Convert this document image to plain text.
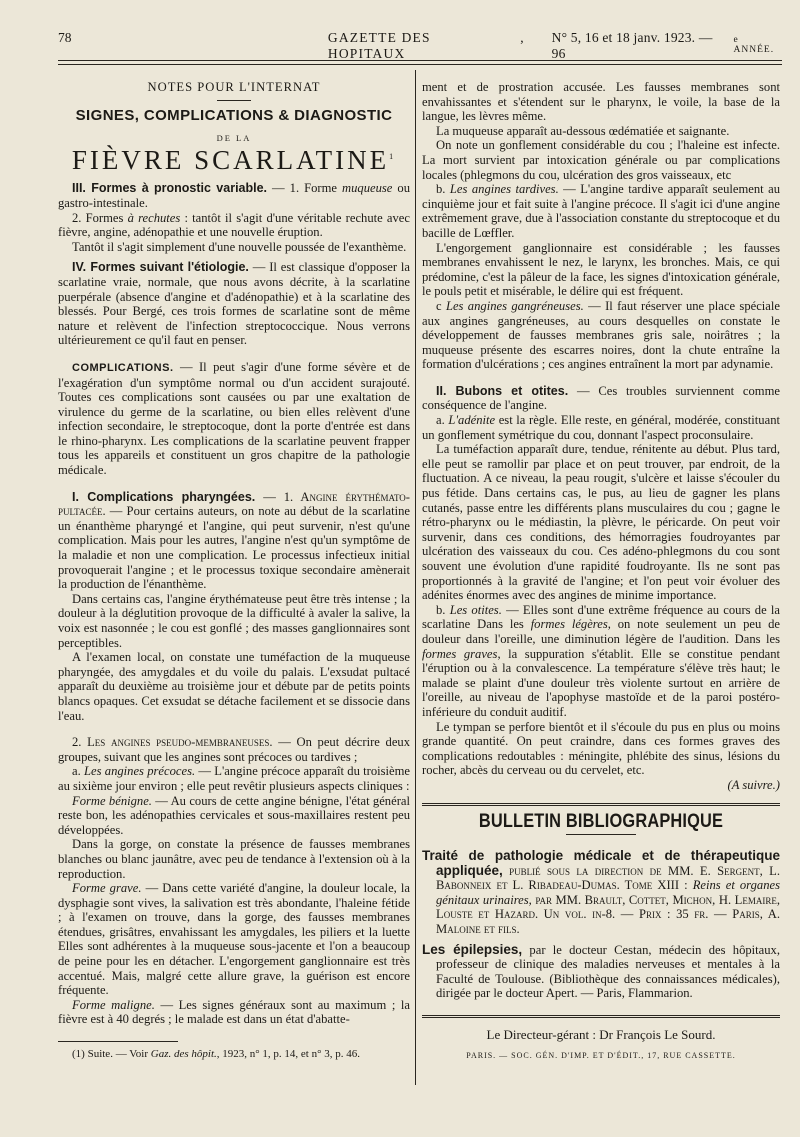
78	GAZETTE DES HOPITAUX
, N° 5, 16 et 18 janv. 1923. — 96
e ANNÉE.
NOTES POUR L'INTERNAT
SIGNES, COMPLICATIONS & DIAGNOSTIC
DE LA
FIÈVRE SCARLATINE$^1$

III. Formes à pronostic variable. — 1. Forme muqueuse ou gastro-intestinale.

2. Formes à rechutes : tantôt il s'agit d'une véritable rechute avec fièvre, angine, adénopathie et une nouvelle éruption.

Tantôt il s'agit simplement d'une nouvelle poussée de l'exanthème.

IV. Formes suivant l'étiologie. — Il est classique d'opposer la scarlatine vraie, normale, que nous avons décrite, à la scarlatine puerpérale (absence d'angine et d'adénopathie) et à la scarlatine des blessés. Pour Bergé, ces trois formes de scarlatine sont de même nature et relèvent de l'infection streptococcique. Nous verrons ultérieurement ce qu'il faut en penser.

COMPLICATIONS. — Il peut s'agir d'une forme sévère et de l'exagération d'un symptôme normal ou d'un accident surajouté. Toutes ces complications sont causées ou par une exaltation de virulence du germe de la scarlatine, ou bien elles relèvent d'une infection secondaire, le streptocoque, dont la porte d'entrée est dans le rhino-pharynx. Les complications de la scarlatine peuvent frapper tous les appareils et constituent un gros chapitre de la pathologie médicale.

I. Complications pharyngées. — 1. Angine érythémato-pultacée. — Pour certains auteurs, on note au début de la scarlatine un énanthème pharyngé et l'angine, qui peut survenir, n'est qu'une complication. Mais pour les autres, l'angine n'est qu'un symptôme de la maladie et non une complication. Le processus infectieux initial provoquerait l'angine ; et le processus toxique secondaire amènerait la production de l'énanthème.

Dans certains cas, l'angine érythémateuse peut être très intense ; la douleur à la déglutition provoque de la difficulté à avaler la salive, la voix est nasonnée ; le cou est gonflé ; des masses ganglionnaires sont perceptibles.

A l'examen local, on constate une tuméfaction de la muqueuse pharyngée, des amygdales et du voile du palais. L'exsudat pultacé apparaît du deuxième au troisième jour et débute par de petits points blancs opaques. Cet exsudat se détache facilement et se dissocie dans l'eau.

2. Les angines pseudo-membraneuses. — On peut décrire deux groupes, suivant que les angines sont précoces ou tardives ;

a. Les angines précoces. — L'angine précoce apparaît du troisième au sixième jour environ ; elle peut revêtir plusieurs aspects cliniques :

Forme bénigne. — Au cours de cette angine bénigne, l'état général reste bon, les adénopathies cervicales et sous-maxillaires restent peu développées.

Dans la gorge, on constate la présence de fausses membranes blanches ou blanc jaunâtre, avec peu de tendance à l'extension où à la reproduction.

Forme grave. — Dans cette variété d'angine, la douleur locale, la dysphagie sont vives, la salivation est très abondante, l'haleine fétide ; à l'examen on trouve, dans la gorge, des fausses membranes étendues, grisâtres, envahissant les amygdales, les piliers et la luette Elles sont adhérentes à la muqueuse sous-jacente et l'on a beaucoup de peine pour les en détacher. L'engorgement ganglionnaire est très accentué. Mais, malgré cette allure grave, la guérison est encore fréquente.

Forme maligne. — Les signes généraux sont au maximum ; la fièvre est à 40 degrés ; le malade est dans un état d'abatte-

(1) Suite. — Voir Gaz. des hôpit., 1923, n° 1, p. 14, et n° 3, p. 46.

ment et de prostration accusée. Les fausses membranes sont envahissantes et s'étendent sur le pharynx, le voile, la base de la langue, les lèvres même.

La muqueuse apparaît au-dessous œdématiée et saignante.

On note un gonflement considérable du cou ; l'haleine est infecte. La mort survient par intoxication générale ou par complications locales (phlegmons du cou, ulcération des gros vaisseaux, etc

b. Les angines tardives. — L'angine tardive apparaît seulement au cinquième jour et fait suite à l'angine précoce. Il s'agit ici d'une angine extrêmement grave, due à l'association constante du streptocoque et du bacille de Lœffler.

L'engorgement ganglionnaire est considérable ; les fausses membranes envahissent le nez, le larynx, les bronches. Mais, ce qui prédomine, c'est la pâleur de la face, les signes d'intoxication générale, le pouls petit et misérable, le délire qui est fréquent.

c Les angines gangréneuses. — Il faut réserver une place spéciale aux angines gangréneuses, au cours desquelles on constate le développement de fausses membranes gris sale, noirâtres ; la muqueuse présente des escarres noires, dont la chute entraîne la formation d'ulcérations ; ces angines entraînent la mort par adynamie.

II. Bubons et otites. — Ces troubles surviennent comme conséquence de l'angine.

a. L'adénite est la règle. Elle reste, en général, modérée, constituant un gonflement symétrique du cou, donnant l'aspect proconsulaire.

La tuméfaction apparaît dure, tendue, rénitente au début. Plus tard, elle peut se ramollir par place et on peut trouver, par endroit, de la fluctuation. A ce niveau, la peau rougit, s'ulcère et laisse s'écouler du pus fétide. Dans certains cas, le pus, au lieu de gagner les plans cutanés, passe entre les différents plans musculaires du cou ; gagne le rétro-pharynx ou le médiastin, la plèvre, le péricarde. On peut voir survenir, dans ces conditions, des hémorragies foudroyantes par ulcération des vaisseaux du cou. Ces adéno-phlegmons du cou sont souvent une évolution d'une rapidité foudroyante. Ils ne sont pas proportionnés à la gravité de l'angine; et l'on peut voir évoluer des adénites énormes avec des angines de minime importance.

b. Les otites. — Elles sont d'une extrême fréquence au cours de la scarlatine Dans les formes légères, on note seulement un peu de douleur dans l'oreille, une diminution légère de l'audition. Dans les formes graves, la suppuration s'établit. Elle se constitue pendant l'éruption ou à la convalescence. La température s'élève très haut; le malade se plaint d'une douleur très violente surtout en arrière de l'oreille, au niveau de l'apophyse mastoïde et de la paroi postéro-inférieure du conduit auditif.

Le tympan se perfore bientôt et il s'écoule du pus en plus ou moins grande quantité. On peut craindre, dans ces formes graves des complications redoutables : méningite, phlébite des sinus, lésions du rocher, abcès du cerveau ou du cervelet, etc.

(A suivre.)
BULLETIN BIBLIOGRAPHIQUE

Traité de pathologie médicale et de thérapeutique appliquée, publié sous la direction de MM. E. Sergent, L. Babonneix et L. Ribadeau-Dumas. Tome XIII : Reins et organes génitaux urinaires, par MM. Brault, Cottet, Michon, H. Lemaire, Louste et Hazard. Un vol. in-8. — Prix : 35 fr. — Paris, A. Maloine et fils.

Les épilepsies, par le docteur Cestan, médecin des hôpitaux, professeur de clinique des maladies nerveuses et mentales à la Faculté de Toulouse. (Bibliothèque des connaissances médicales), dirigée par le docteur Apert. — Paris, Flammarion.

Le Directeur-gérant : Dr François Le Sourd.
PARIS. — SOC. GÉN. D'IMP. ET D'ÉDIT., 17, RUE CASSETTE.
